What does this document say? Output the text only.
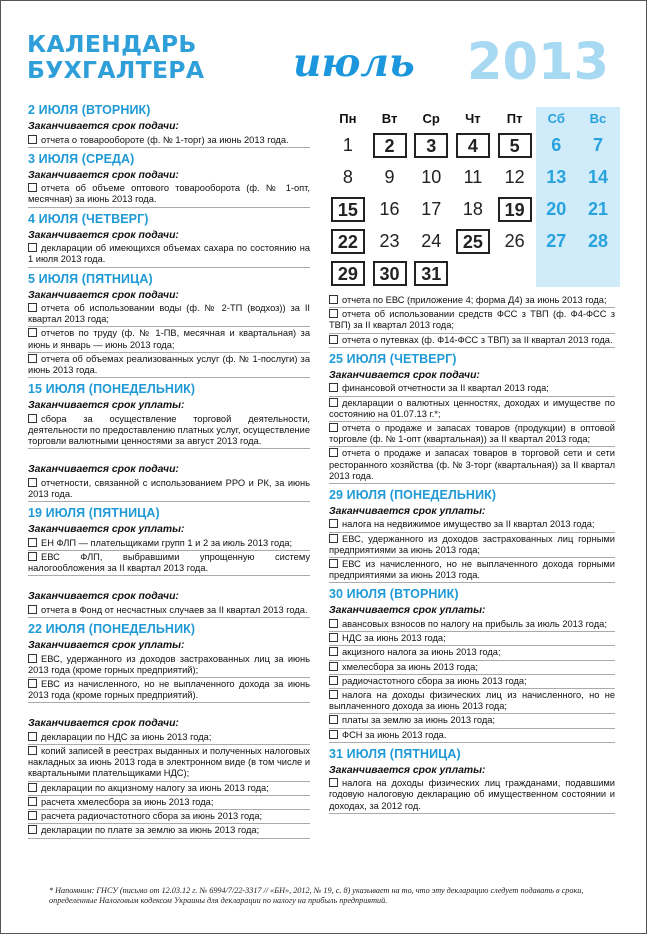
КАЛЕНДАРЬ
БУХГАЛТЕРА июль 2013
Пн	Вт	Ср	Чт	Пт	Сб	Вс
1	2	3	4	5	6 7
8 9 10 11 12 13 14
15	16 17 18	19	20 21
22	23 24	25	26 27 28
29	30	31
2 ИЮЛЯ (ВТОРНИК)
Заканчивается срок подачи:
отчета о товарообороте (ф. № 1-торг) за июнь 2013 года.
3 ИЮЛЯ (СРЕДА)
Заканчивается срок подачи:
отчета об объеме оптового товарооборота (ф. № 1-опт, месячная) за июнь 2013 года.
4 ИЮЛЯ (ЧЕТВЕРГ)
Заканчивается срок подачи:
декларации об имеющихся объемах сахара по состоянию на 1 июля 2013 года.
5 ИЮЛЯ (ПЯТНИЦА)
Заканчивается срок подачи:
отчета об использовании воды (ф. № 2-ТП (водхоз)) за II квартал 2013 года;
отчетов по труду (ф. № 1-ПВ, месячная и квартальная) за июнь и январь — июнь 2013 года;
отчета об объемах реализованных услуг (ф. № 1-послуги) за июнь 2013 года.
15 ИЮЛЯ (ПОНЕДЕЛЬНИК)
Заканчивается срок уплаты:
сбора за осуществление торговой деятельности, деятельности по предоставлению платных услуг, осуществление торговли валютными ценностями за август 2013 года.
Заканчивается срок подачи:
отчетности, связанной с использованием РРО и РК, за июнь 2013 года.
19 ИЮЛЯ (ПЯТНИЦА)
Заканчивается срок уплаты:
ЕН ФЛП — плательщиками групп 1 и 2 за июль 2013 года;
ЕВС ФЛП, выбравшими упрощенную систему налогообложения за II квартал 2013 года.
Заканчивается срок подачи:
отчета в Фонд от несчастных случаев за II квартал 2013 года.
22 ИЮЛЯ (ПОНЕДЕЛЬНИК)
Заканчивается срок уплаты:
ЕВС, удержанного из доходов застрахованных лиц за июнь 2013 года (кроме горных предприятий);
ЕВС из начисленного, но не выплаченного дохода за июнь 2013 года (кроме горных предприятий).
Заканчивается срок подачи:
декларации по НДС за июнь 2013 года;
копий записей в реестрах выданных и полученных налоговых накладных за июнь 2013 года в электронном виде (в том числе и квартальными плательщиками НДС);
декларации по акцизному налогу за июнь 2013 года;
расчета хмелесбора за июнь 2013 года;
расчета радиочастотного сбора за июнь 2013 года;
декларации по плате за землю за июнь 2013 года;
отчета по ЕВС (приложение 4; форма Д4) за июнь 2013 года;
отчета об использовании средств ФСС з ТВП (ф. Ф4-ФСС з ТВП) за II квартал 2013 года;
отчета о путевках (ф. Ф14-ФСС з ТВП) за II квартал 2013 года.
25 ИЮЛЯ (ЧЕТВЕРГ)
Заканчивается срок подачи:
финансовой отчетности за II квартал 2013 года;
декларации о валютных ценностях, доходах и имуществе по состоянию на 01.07.13 г.*;
отчета о продаже и запасах товаров (продукции) в оптовой торговле (ф. № 1-опт (квартальная)) за II квартал 2013 года;
отчета о продаже и запасах товаров в торговой сети и сети ресторанного хозяйства (ф. № 3-торг (квартальная)) за II квартал 2013 года.
29 ИЮЛЯ (ПОНЕДЕЛЬНИК)
Заканчивается срок уплаты:
налога на недвижимое имущество за II квартал 2013 года;
ЕВС, удержанного из доходов застрахованных лиц горными предприятиями за июнь 2013 года;
ЕВС из начисленного, но не выплаченного дохода горными предприятиями за июнь 2013 года.
30 ИЮЛЯ (ВТОРНИК)
Заканчивается срок уплаты:
авансовых взносов по налогу на прибыль за июль 2013 года;
НДС за июнь 2013 года;
акцизного налога за июнь 2013 года;
хмелесбора за июнь 2013 года;
радиочастотного сбора за июнь 2013 года;
налога на доходы физических лиц из начисленного, но не выплаченного дохода за июнь 2013 года;
платы за землю за июнь 2013 года;
ФСН за июнь 2013 года.
31 ИЮЛЯ (ПЯТНИЦА)
Заканчивается срок уплаты:
налога на доходы физических лиц гражданами, подавшими годовую налоговую декларацию об имущественном состоянии и доходах, за 2012 год.
* Напомним: ГНСУ (письмо от 12.03.12 г. № 6994/7/22-3317 // «БН», 2012, № 19, с. 8) указывает на то, что эту декларацию следует подавать в сроки, определенные Налоговым кодексом Украины для декларации по налогу на прибыль предприятий.
